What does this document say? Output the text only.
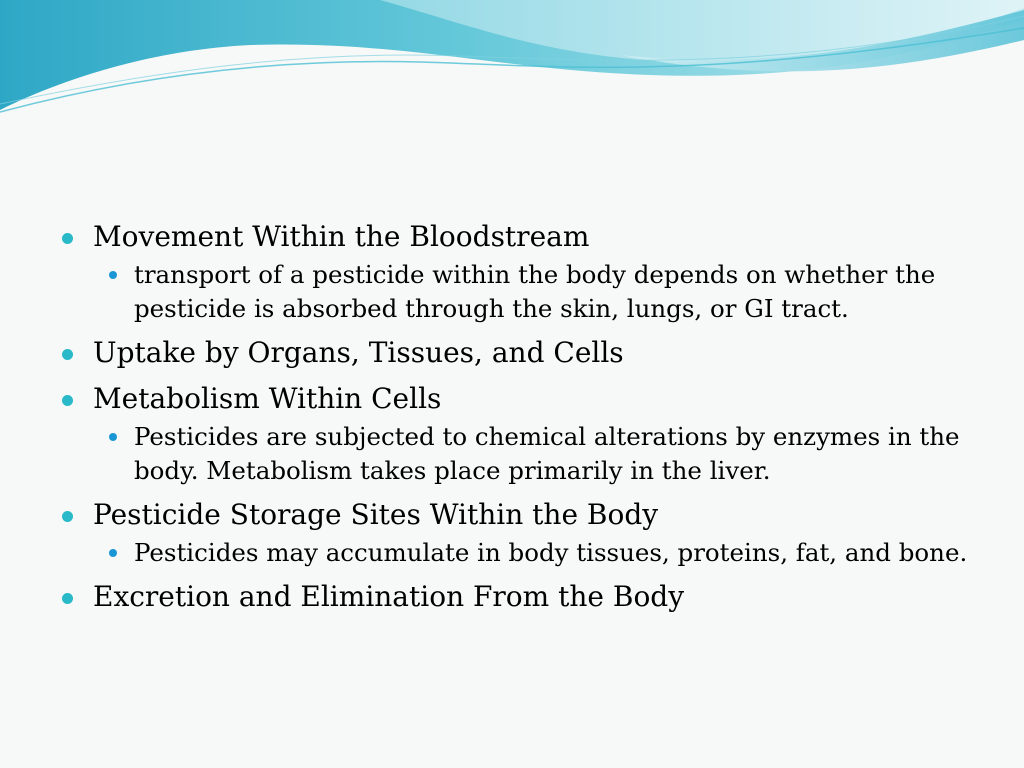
Movement Within the Bloodstream
transport of a pesticide within the body depends on whether the pesticide is absorbed through the skin, lungs, or GI tract.
Uptake by Organs, Tissues, and Cells
Metabolism Within Cells
Pesticides are subjected to chemical alterations by enzymes in the body. Metabolism takes place primarily in the liver.
Pesticide Storage Sites Within the Body
Pesticides may accumulate in body tissues, proteins, fat, and bone.
Excretion and Elimination From the Body
